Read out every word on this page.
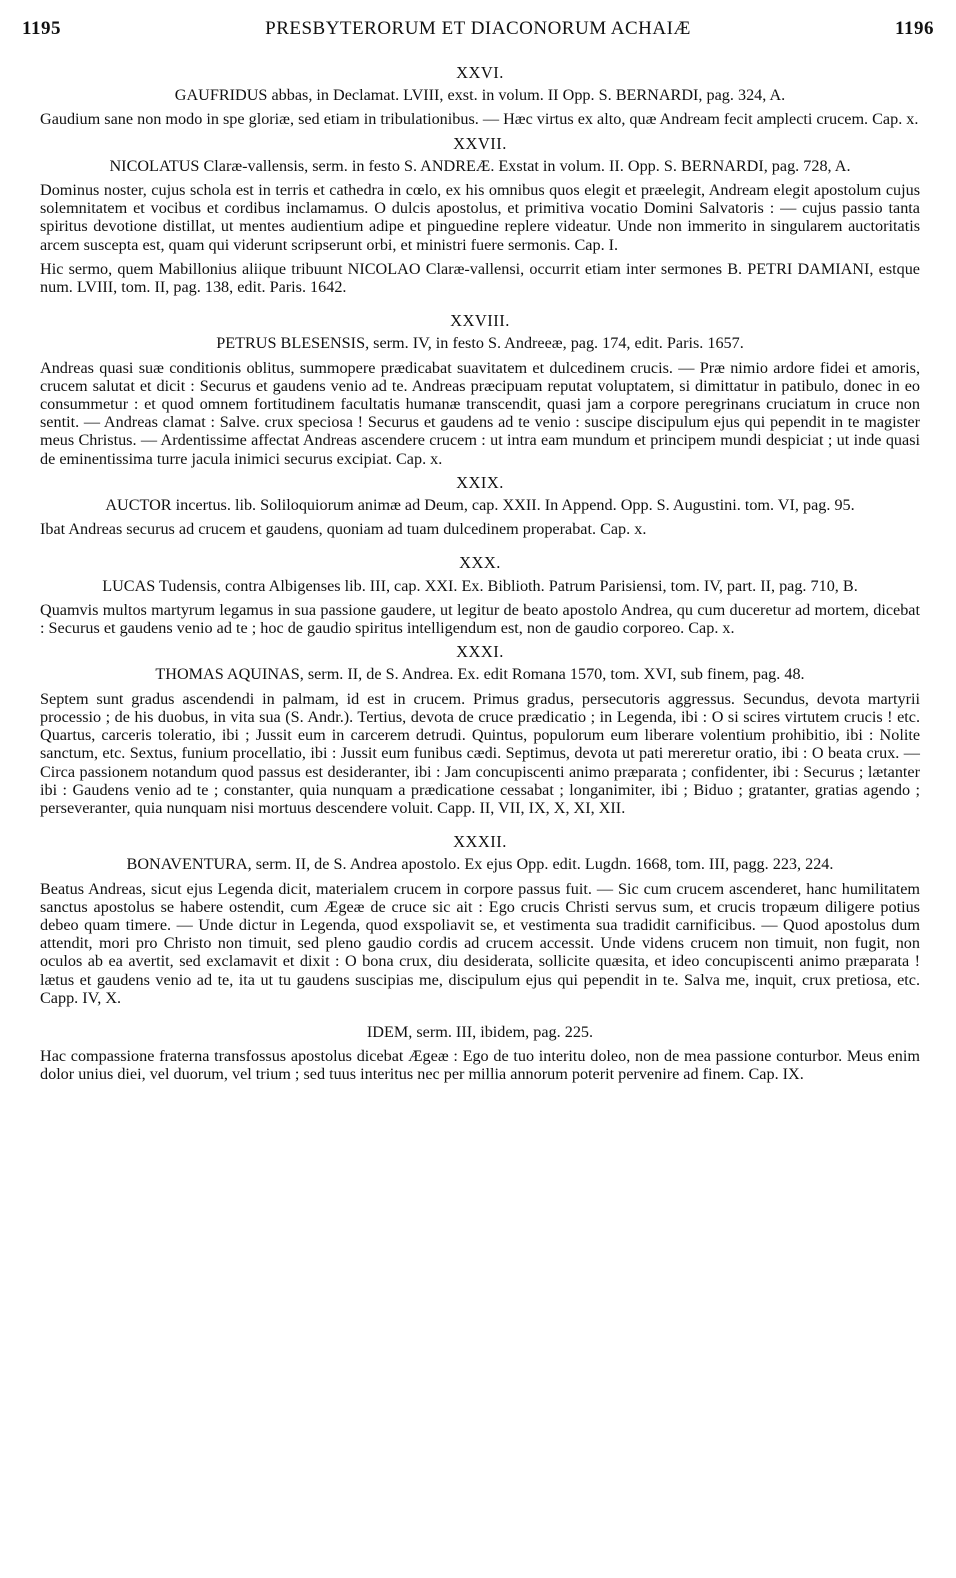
1195	PRESBYTERORUM ET DIACONORUM ACHAIÆ	1196
XXVI.
GAUFRIDUS abbas, in Declamat. LVIII, exst. in volum. II Opp. S. BERNARDI, pag. 324, A.

Gaudium sane non modo in spe gloriæ, sed etiam in tribulationibus. — Hæc virtus ex alto, quæ Andream fecit amplecti crucem. Cap. x.

XXVII.
NICOLATUS Claræ-vallensis, serm. in festo S. ANDREÆ. Exstat in volum. II. Opp. S. BERNARDI, pag. 728, A.

Dominus noster, cujus schola est in terris et cathedra in cœlo, ex his omnibus quos elegit et præelegit, Andream elegit apostolum cujus solemnitatem et vocibus et cordibus inclamamus. O dulcis apostolus, et primitiva vocatio Domini Salvatoris : — cujus passio tanta spiritus devotione distillat, ut mentes audientium adipe et pinguedine replere videatur. Unde non immerito in singularem auctoritatis arcem suscepta est, quam qui viderunt scripserunt orbi, et ministri fuere sermonis. Cap. I.

Hic sermo, quem Mabillonius aliique tribuunt NICOLAO Claræ-vallensi, occurrit etiam inter sermones B. PETRI DAMIANI, estque num. LVIII, tom. II, pag. 138, edit. Paris. 1642.

XXVIII.
PETRUS BLESENSIS, serm. IV, in festo S. Andreeæ, pag. 174, edit. Paris. 1657.

Andreas quasi suæ conditionis oblitus, summopere prædicabat suavitatem et dulcedinem crucis. — Præ nimio ardore fidei et amoris, crucem salutat et dicit : Securus et gaudens venio ad te. Andreas præcipuam reputat voluptatem, si dimittatur in patibulo, donec in eo consummetur : et quod omnem fortitudinem facultatis humanæ transcendit, quasi jam a corpore peregrinans cruciatum in cruce non sentit. — Andreas clamat : Salve. crux speciosa ! Securus et gaudens ad te venio : suscipe discipulum ejus qui pependit in te magister meus Christus. — Ardentissime affectat Andreas ascendere crucem : ut intra eam mundum et principem mundi despiciat ; ut inde quasi de eminentissima turre jacula inimici securus excipiat. Cap. x.

XXIX.
AUCTOR incertus. lib. Soliloquiorum animæ ad Deum, cap. XXII. In Append. Opp. S. Augustini. tom. VI, pag. 95.

Ibat Andreas securus ad crucem et gaudens, quoniam ad tuam dulcedinem properabat. Cap. x.

XXX.
LUCAS Tudensis, contra Albigenses lib. III, cap. XXI. Ex. Biblioth. Patrum Parisiensi, tom. IV, part. II, pag. 710, B.

Quamvis multos martyrum legamus in sua passione gaudere, ut legitur de beato apostolo Andrea, qu cum duceretur ad mortem, dicebat : Securus et gaudens venio ad te ; hoc de gaudio spiritus intelligendum est, non de gaudio corporeo. Cap. x.

XXXI.
THOMAS AQUINAS, serm. II, de S. Andrea. Ex. edit Romana 1570, tom. XVI, sub finem, pag. 48.

Septem sunt gradus ascendendi in palmam, id est in crucem. Primus gradus, persecutoris aggressus. Secundus, devota martyrii processio ; de his duobus, in vita sua (S. Andr.). Tertius, devota de cruce prædicatio ; in Legenda, ibi : O si scires virtutem crucis ! etc. Quartus, carceris toleratio, ibi ; Jussit eum in carcerem detrudi. Quintus, populorum eum liberare volentium prohibitio, ibi : Nolite sanctum, etc. Sextus, funium procellatio, ibi : Jussit eum funibus cædi. Septimus, devota ut pati mereretur oratio, ibi : O beata crux. — Circa passionem notandum quod passus est desideranter, ibi : Jam concupiscenti animo præparata ; confidenter, ibi : Securus ; lætanter ibi : Gaudens venio ad te ; constanter, quia nunquam a prædicatione cessabat ; longanimiter, ibi ; Biduo ; gratanter, gratias agendo ; perseveranter, quia nunquam nisi mortuus descendere voluit. Capp. II, VII, IX, X, XI, XII.

XXXII.
BONAVENTURA, serm. II, de S. Andrea apostolo. Ex ejus Opp. edit. Lugdn. 1668, tom. III, pagg. 223, 224.

Beatus Andreas, sicut ejus Legenda dicit, materialem crucem in corpore passus fuit. — Sic cum crucem ascenderet, hanc humilitatem sanctus apostolus se habere ostendit, cum Ægeæ de cruce sic ait : Ego crucis Christi servus sum, et crucis tropæum diligere potius debeo quam timere. — Unde dictur in Legenda, quod exspoliavit se, et vestimenta sua tradidit carnificibus. — Quod apostolus dum attendit, mori pro Christo non timuit, sed pleno gaudio cordis ad crucem accessit. Unde videns crucem non timuit, non fugit, non oculos ab ea avertit, sed exclamavit et dixit : O bona crux, diu desiderata, sollicite quæsita, et ideo concupiscenti animo præparata ! lætus et gaudens venio ad te, ita ut tu gaudens suscipias me, discipulum ejus qui pependit in te. Salva me, inquit, crux pretiosa, etc. Capp. IV, X.

IDEM, serm. III, ibidem, pag. 225.

Hac compassione fraterna transfossus apostolus dicebat Ægeæ : Ego de tuo interitu doleo, non de mea passione conturbor. Meus enim dolor unius diei, vel duorum, vel trium ; sed tuus interitus nec per millia annorum poterit pervenire ad finem. Cap. IX.
